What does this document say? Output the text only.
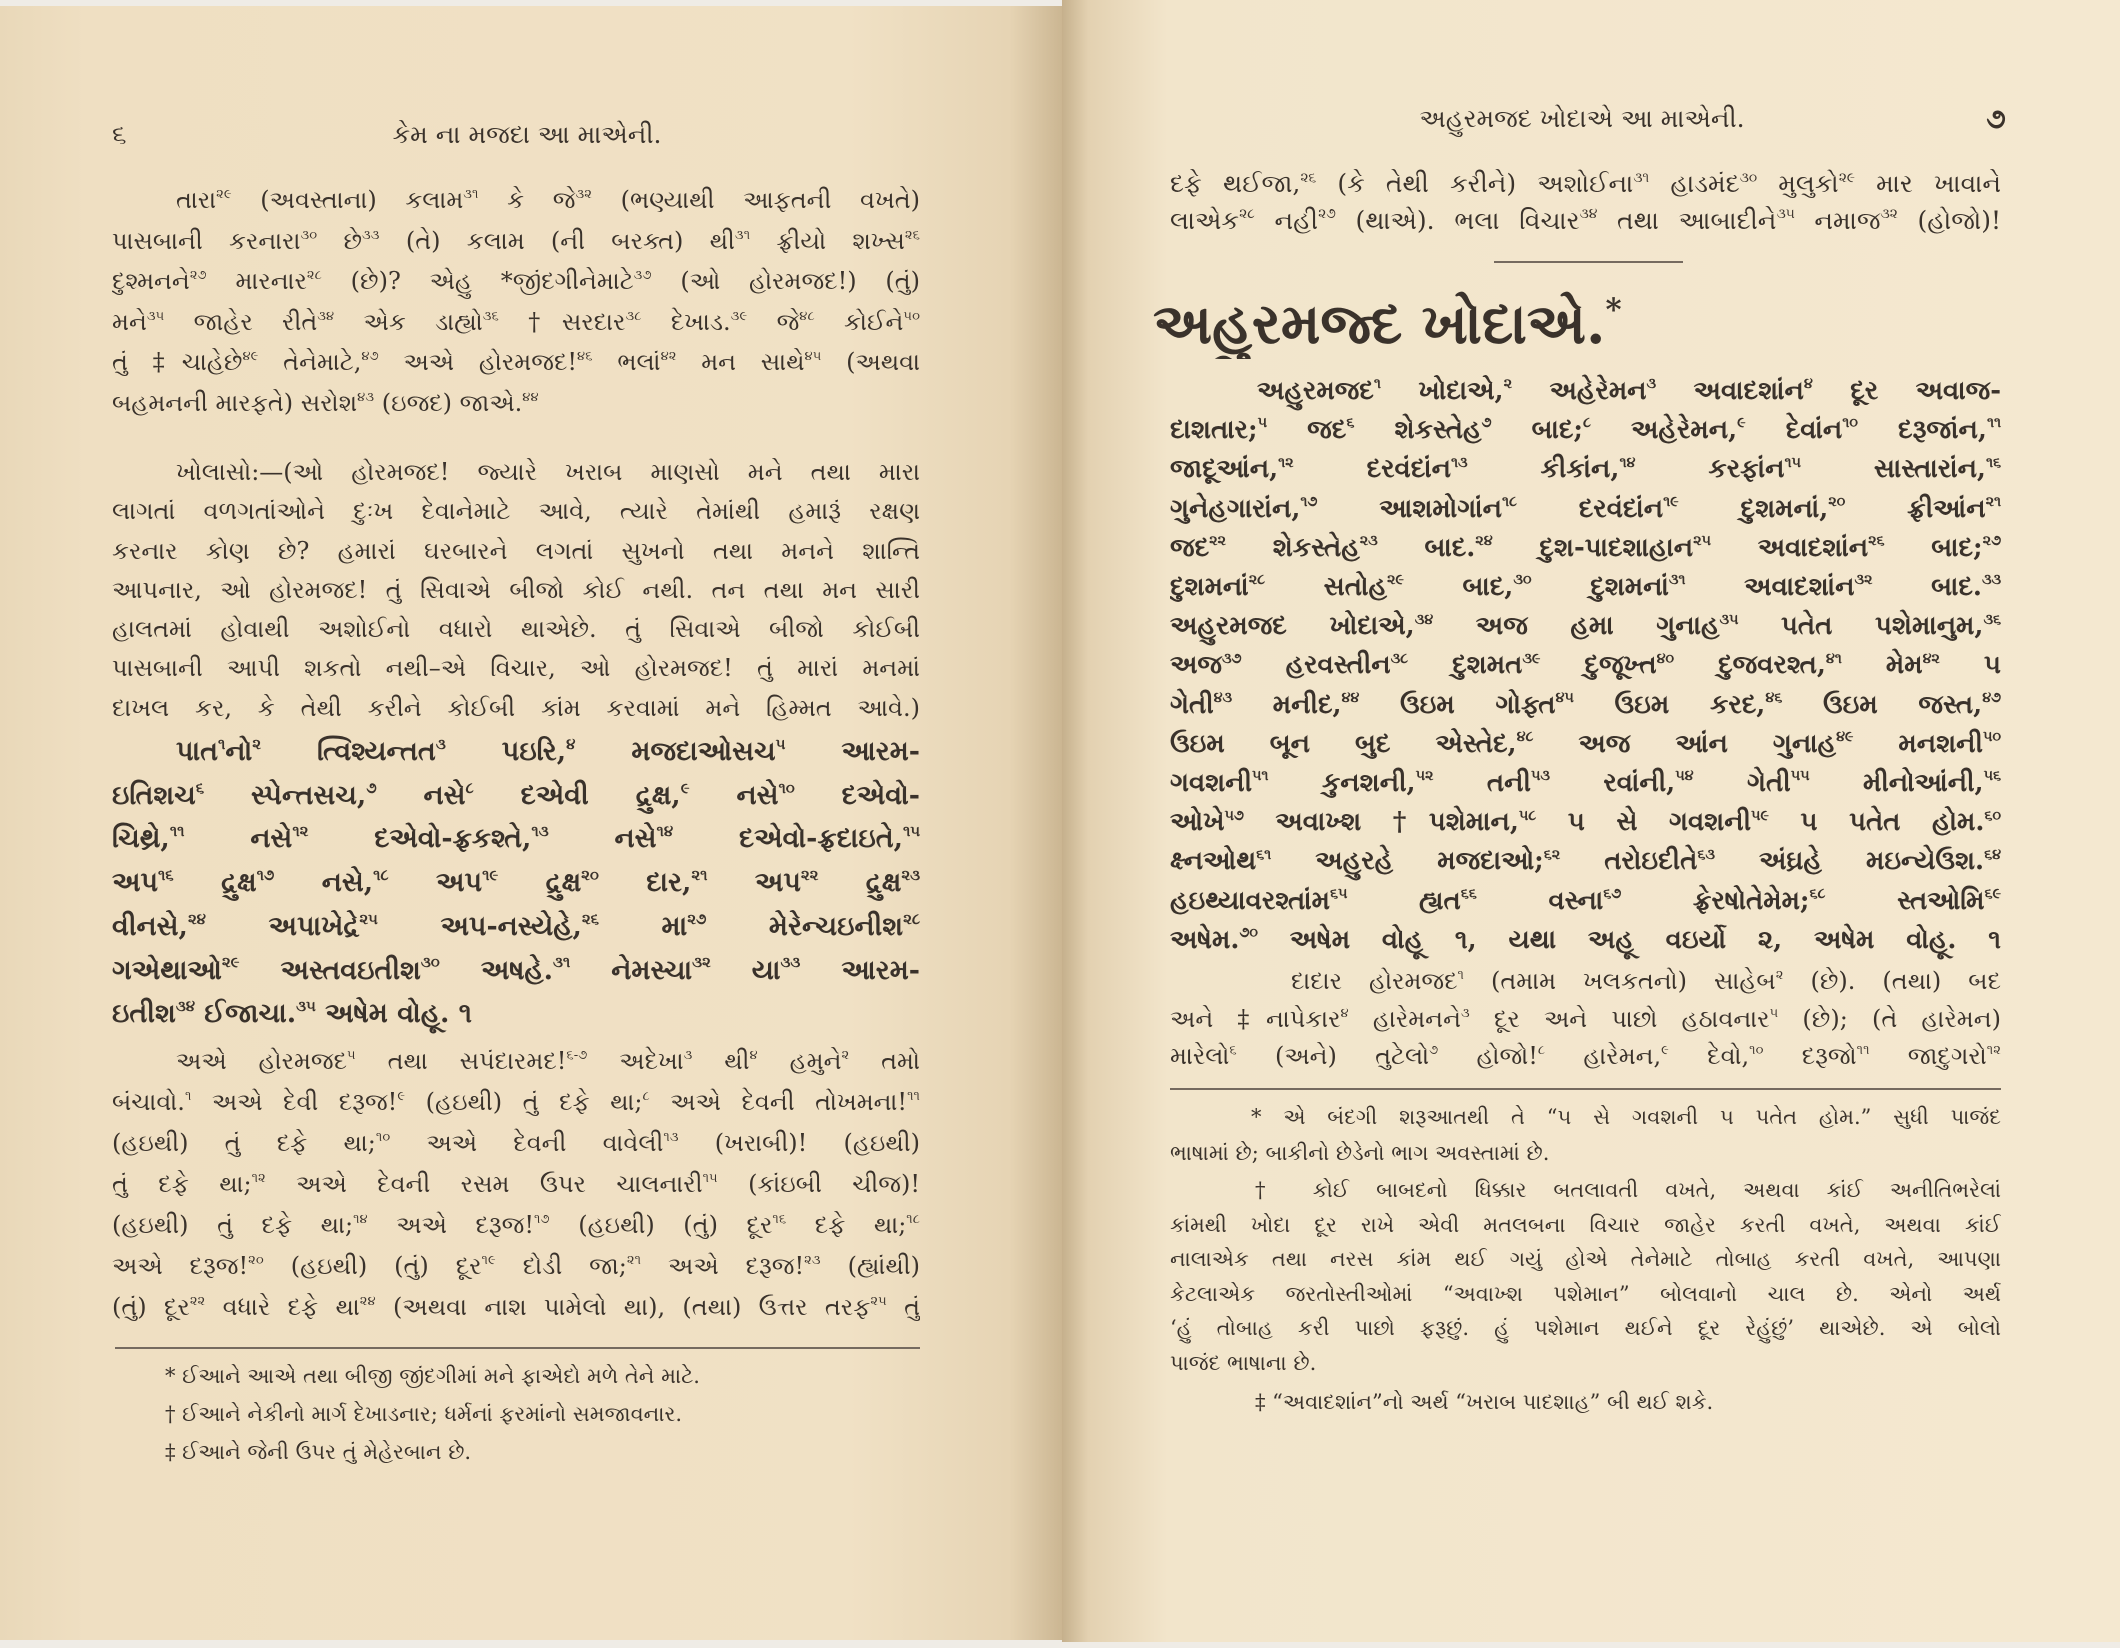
૬	કેમ ના મજદા આ માએની.
તારા$^{૨૯}$ (અવસ્તાના) કલામ$^{૩૧}$ કે જે$^{૩૨}$ (ભણ્યાથી આફતની વખતે)
પાસબાની કરનારા$^{૩૦}$ છે$^{૩૩}$ (તે) કલામ (ની બરક્ત) થી$^{૩૧}$ ફ્રીયો શખ્સ$^{૨૬}$
દુશ્મનને$^{૨૭}$ મારનાર$^{૨૮}$ (છે)? એહુ *જીંદગીનેમાટે$^{૩૭}$ (ઓ હોરમજદ!) (તું)
મને$^{૩૫}$ જાહેર રીતે$^{૩૪}$ એક ડાહ્યો$^{૩૬}$ †સરદાર$^{૩૮}$ દેખાડ.$^{૩૯}$ જે$^{૪૮}$ કોઈને$^{૫૦}$
તું ‡ચાહેછે$^{૪૯}$ તેનેમાટે,$^{૪૭}$ અએ હોરમજદ!$^{૪૬}$ ભલાં$^{૪૨}$ મન સાથે$^{૪૫}$ (અથવા
બહમનની મારફતે) સરોશ$^{૪૩}$ (ઇજદ) જાએ.$^{૪૪}$
ખોલાસો:—(ઓ હોરમજદ! જ્યારે ખરાબ માણસો મને તથા મારા
લાગતાં વળગતાંઓને દુઃખ દેવાનેમાટે આવે, ત્યારે તેમાંથી હમારૂં રક્ષણ
કરનાર કોણ છે? હમારાં ઘરબારને લગતાં સુખનો તથા મનને શાન્તિ
આપનાર, ઓ હોરમજદ! તું સિવાએ બીજો કોઈ નથી. તન તથા મન સારી
હાલતમાં હોવાથી અશોઈનો વધારો થાએછે. તું સિવાએ બીજો કોઈબી
પાસબાની આપી શકતો નથી–એ વિચાર, ઓ હોરમજદ! તું મારાં મનમાં
દાખલ કર, કે તેથી કરીને કોઈબી કાંમ કરવામાં મને હિમ્મત આવે.)
પાત$^૧$નો$^૨$ ત્વિશ્યન્તત$^૩$ પઇરિ,$^૪$ મજદાઓસચ$^૫$ આરમ-
ઇતિશચ$^૬$ સ્પેન્તસચ,$^૭$ નસે$^૮$ દએવી દ્રુક્ષ,$^૯$ નસે$^{૧૦}$ દએવો-
ચિથ્રે,$^{૧૧}$ નસે$^{૧૨}$ દએવો-ફ્રકશ્તે,$^{૧૩}$ નસે$^{૧૪}$ દએવો-ફ્રદાઇતે,$^{૧૫}$
અપ$^{૧૬}$ દ્રુક્ષ$^{૧૭}$ નસે,$^{૧૮}$ અપ$^{૧૯}$ દ્રુક્ષ$^{૨૦}$ દાર,$^{૨૧}$ અપ$^{૨૨}$ દ્રુક્ષ$^{૨૩}$
વીનસે,$^{૨૪}$ અપાખેદ્રે$^{૨૫}$ અપ-નસ્યેહે,$^{૨૬}$ મા$^{૨૭}$ મેરેન્ચઇનીશ$^{૨૮}$
ગએથાઓ$^{૨૯}$ અસ્તવઇતીશ$^{૩૦}$ અષહે.$^{૩૧}$ નેમસ્ચા$^{૩૨}$ યા$^{૩૩}$ આરમ-
ઇતીશ$^{૩૪}$ ઈજાચા.$^{૩૫}$ અષેમ વોહૂ. ૧
અએ હોરમજદ$^૫$ તથા સપંદારમદ!$^{૬-૭}$ અદેખા$^૩$ થી$^૪$ હમુને$^૨$ તમો
બંચાવો.$^૧$ અએ દેવી દરૂજ!$^૯$ (હઇથી) તું દફે થા;$^૮$ અએ દેવની તોખમના!$^{૧૧}$
(હઇથી) તું દફે થા;$^{૧૦}$ અએ દેવની વાવેલી$^{૧૩}$ (ખરાબી)! (હઇથી)
તું દફે થા;$^{૧૨}$ અએ દેવની રસમ ઉપર ચાલનારી$^{૧૫}$ (કાંઇબી ચીજ)!
(હઇથી) તું દફે થા;$^{૧૪}$ અએ દરૂજ!$^{૧૭}$ (હઇથી) (તું) દૂર$^{૧૬}$ દફે થા;$^{૧૮}$
અએ દરૂજ!$^{૨૦}$ (હઇથી) (તું) દૂર$^{૧૯}$ દોડી જા;$^{૨૧}$ અએ દરૂજ!$^{૨૩}$ (હ્યાંથી)
(તું) દૂર$^{૨૨}$ વધારે દફે થા$^{૨૪}$ (અથવા નાશ પામેલો થા), (તથા) ઉત્તર તરફ$^{૨૫}$ તું
* ઈઆને આએ તથા બીજી જીંદગીમાં મને ફાએદો મળે તેને માટે.
† ઈઆને નેકીનો માર્ગ દેખાડનાર; ધર્મનાં ફરમાંનો સમજાવનાર.
‡ ઈઆને જેની ઉપર તું મેહેરબાન છે.
અહુરમજદ ખોદાએ આ માએની.	૭
દફે થઈજા,$^{૨૬}$ (કે તેથી કરીને) અશોઈના$^{૩૧}$ હાડમંદ$^{૩૦}$ મુલુકો$^{૨૯}$ માર ખાવાને
લાએક$^{૨૮}$ નહી$^{૨૭}$ (થાએ). ભલા વિચાર$^{૩૪}$ તથા આબાદીને$^{૩૫}$ નમાજ$^{૩૨}$ (હોજો)!
અહુરમજ્દ ખોદાએ.*
અહુરમજદ$^૧$ ખોદાએ,$^૨$ અહેરેમન$^૩$ અવાદશાંન$^૪$ દૂર અવાજ-
દાશતાર;$^૫$ જદ$^૬$ શેકસ્તેહ$^૭$ બાદ;$^૮$ અહેરેમન,$^૯$ દેવાંન$^{૧૦}$ દરૂજાંન,$^{૧૧}$
જાદૂઆંન,$^{૧૨}$ દરવંદાંન$^{૧૩}$ કીકાંન,$^{૧૪}$ કરફાંન$^{૧૫}$ સાસ્તારાંન,$^{૧૬}$
ગુનેહગારાંન,$^{૧૭}$ આશમોગાંન$^{૧૮}$ દરવંદાંન$^{૧૯}$ દુશમનાં,$^{૨૦}$ ફ્રીઆંન$^{૨૧}$
જદ$^{૨૨}$ શેકસ્તેહ$^{૨૩}$ બાદ.$^{૨૪}$ દુશ-પાદશાહાન$^{૨૫}$ અવાદશાંન$^{૨૬}$ બાદ;$^{૨૭}$
દુશમનાં$^{૨૮}$ સતોહ$^{૨૯}$ બાદ,$^{૩૦}$ દુશમનાં$^{૩૧}$ અવાદશાંન$^{૩૨}$ બાદ.$^{૩૩}$
અહુરમજદ ખોદાએ,$^{૩૪}$ અજ હમા ગુનાહ$^{૩૫}$ પતેત પશેમાનુમ,$^{૩૬}$
અજ$^{૩૭}$ હરવસ્તીન$^{૩૮}$ દુશમત$^{૩૯}$ દુજૂખ્ત$^{૪૦}$ દુજવરશ્ત,$^{૪૧}$ મેમ$^{૪૨}$ ૫
ગેતી$^{૪૩}$ મનીદ,$^{૪૪}$ ઉઇમ ગોફ્ત$^{૪૫}$ ઉઇમ કરદ,$^{૪૬}$ ઉઇમ જસ્ત,$^{૪૭}$
ઉઇમ બૂન બુદ એસ્તેદ,$^{૪૮}$ અજ આંન ગુનાહ$^{૪૯}$ મનશની$^{૫૦}$
ગવશની$^{૫૧}$ કુનશની,$^{૫૨}$ તની$^{૫૩}$ રવાંની,$^{૫૪}$ ગેતી$^{૫૫}$ મીનોઆંની,$^{૫૬}$
ઓખે$^{૫૭}$ અવાખ્શ †પશેમાન,$^{૫૮}$ ૫ સે ગવશની$^{૫૯}$ ૫ પતેત હોમ.$^{૬૦}$
ક્ષ્નઓથ$^{૬૧}$ અહુરહે મજદાઓ;$^{૬૨}$ તરોઇદીતે$^{૬૩}$ અંઘ્રહે મઇન્યેઉશ.$^{૬૪}$
હઇથ્યાવરશ્તાંમ$^{૬૫}$ હ્યત$^{૬૬}$ વસ્ના$^{૬૭}$ ફ્રેરષોતેમેમ;$^{૬૮}$ સ્તઓમિ$^{૬૯}$
અષેમ.$^{૭૦}$ અષેમ વોહૂ ૧, યથા અહૂ વઇર્યો ૨, અષેમ વોહૂ. ૧
દાદાર હોરમજદ$^૧$ (તમામ ખલકતનો) સાહેબ$^૨$ (છે). (તથા) બદ
અને ‡નાપેકાર$^૪$ હારેમનને$^૩$ દૂર અને પાછો હઠાવનાર$^૫$ (છે); (તે હારેમન)
મારેલો$^૬$ (અને) તુટેલો$^૭$ હોજો!$^૮$ હારેમન,$^૯$ દેવો,$^{૧૦}$ દરૂજો$^{૧૧}$ જાદુગરો$^{૧૨}$
* એ બંદગી શરૂઆતથી તે “૫ સે ગવશની ૫ પતેત હોમ.” સુધી પાજંદ
ભાષામાં છે; બાકીનો છેડેનો ભાગ અવસ્તામાં છે.
† કોઈ બાબદનો ધિક્કાર બતલાવતી વખતે, અથવા કાંઈ અનીતિભરેલાં
કાંમથી ખોદા દૂર રાખે એવી મતલબના વિચાર જાહેર કરતી વખતે, અથવા કાંઈ
નાલાએક તથા નરસ કાંમ થઈ ગયું હોએ તેનેમાટે તોબાહ કરતી વખતે, આપણા
કેટલાએક જરતોસ્તીઓમાં “અવાખ્શ પશેમાન” બોલવાનો ચાલ છે. એનો અર્થ
‘હું તોબાહ કરી પાછો ફરૂછું. હું પશેમાન થઈને દૂર રેહુંછું’ થાએછે. એ બોલો
પાજંદ ભાષાના છે.
‡ “અવાદશાંન”નો અર્થ “ખરાબ પાદશાહ” બી થઈ શકે.
